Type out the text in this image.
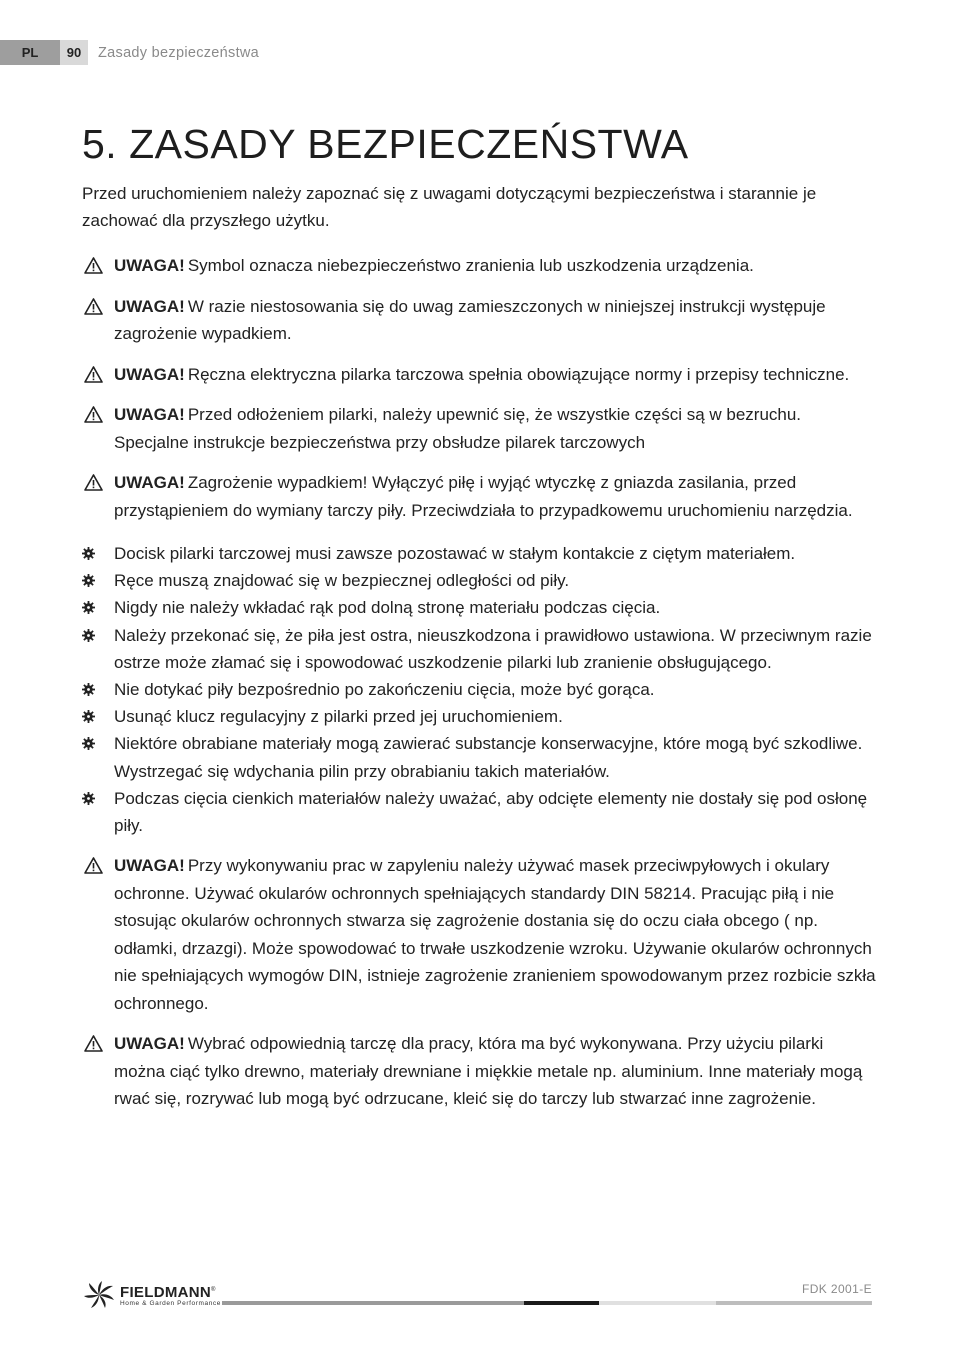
PL	90	Zasady bezpieczeństwa
5. ZASADY BEZPIECZEŃSTWA

Przed uruchomieniem należy zapoznać się z uwagami dotyczącymi bezpieczeństwa i starannie je zachować dla przyszłego użytku.

UWAGA! Symbol oznacza niebezpieczeństwo zranienia lub uszkodzenia urządzenia.
UWAGA! W razie niestosowania się do uwag zamieszczonych w niniejszej instrukcji występuje zagrożenie wypadkiem.
UWAGA! Ręczna elektryczna pilarka tarczowa spełnia obowiązujące normy i przepisy techniczne.
UWAGA! Przed odłożeniem pilarki, należy upewnić się, że wszystkie części są w bezruchu. Specjalne instrukcje bezpieczeństwa przy obsłudze pilarek tarczowych
UWAGA! Zagrożenie wypadkiem! Wyłączyć piłę i wyjąć wtyczkę z gniazda zasilania, przed przystąpieniem do wymiany tarczy piły. Przeciwdziała to przypadkowemu uruchomieniu narzędzia.
Docisk pilarki tarczowej musi zawsze pozostawać w stałym kontakcie z ciętym materiałem.
Ręce muszą znajdować się w bezpiecznej odległości od piły.
Nigdy nie należy wkładać rąk pod dolną stronę materiału podczas cięcia.
Należy przekonać się, że piła jest ostra, nieuszkodzona i prawidłowo ustawiona. W przeciwnym razie ostrze może złamać się i spowodować uszkodzenie pilarki lub zranienie obsługującego.
Nie dotykać piły bezpośrednio po zakończeniu cięcia, może być gorąca.
Usunąć klucz regulacyjny z pilarki przed jej uruchomieniem.
Niektóre obrabiane materiały mogą zawierać substancje konserwacyjne, które mogą być szkodliwe. Wystrzegać się wdychania pilin przy obrabianiu takich materiałów.
Podczas cięcia cienkich materiałów należy uważać, aby odcięte elementy nie dostały się pod osłonę piły.
UWAGA! Przy wykonywaniu prac w zapyleniu należy używać masek przeciwpyłowych i okulary ochronne. Używać okularów ochronnych spełniających standardy DIN 58214. Pracując piłą i nie stosując okularów ochronnych stwarza się zagrożenie dostania się do oczu ciała obcego ( np. odłamki, drzazgi). Może spowodować to trwałe uszkodzenie wzroku. Używanie okularów ochronnych nie spełniających wymogów DIN, istnieje zagrożenie zranieniem spowodowanym przez rozbicie szkła ochronnego.
UWAGA! Wybrać odpowiednią tarczę dla pracy, która ma być wykonywana. Przy użyciu pilarki można ciąć tylko drewno, materiały drewniane i miękkie metale np. aluminium. Inne materiały mogą rwać się, rozrywać lub mogą być odrzucane, kleić się do tarczy lub stwarzać inne zagrożenie.
FIELDMANN®
Home & Garden Performance
FDK 2001-E
